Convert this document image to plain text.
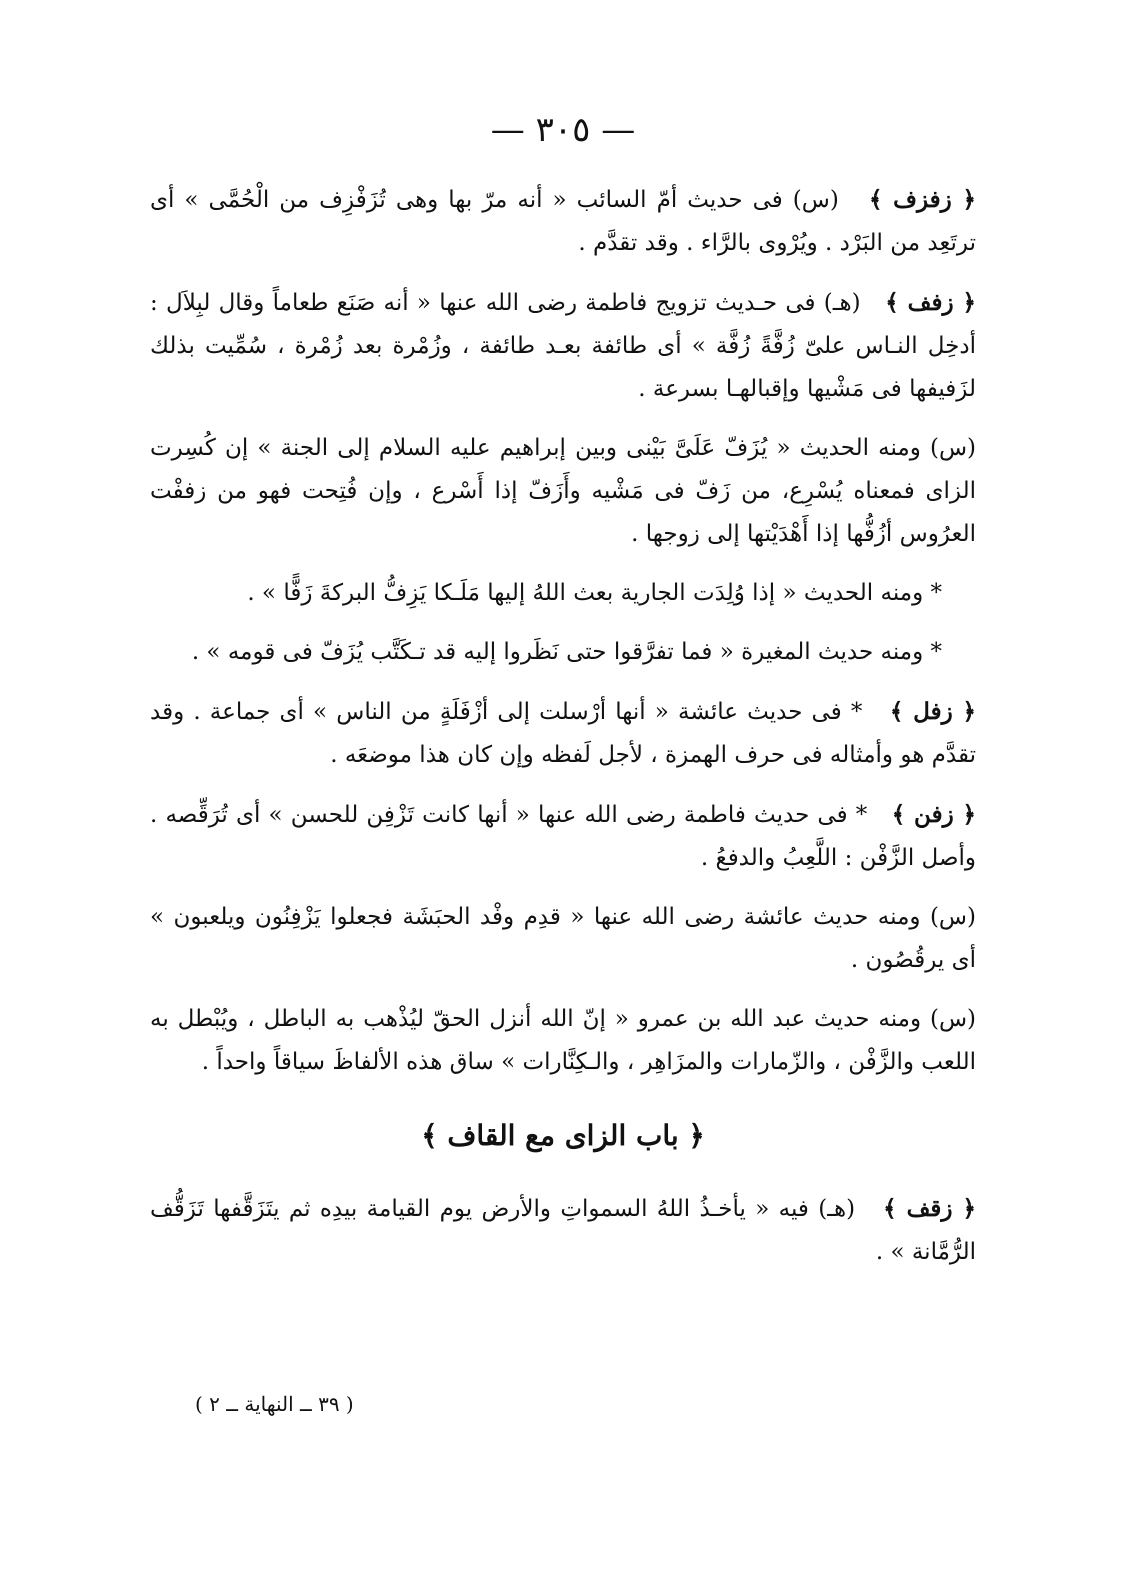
— ٣٠٥ —

﴿ زفزف ﴾   (س) فى حديث أمّ السائب « أنه مرّ بها وهى تُزَفْزِف من الْحُمَّى » أى ترتَعِد من البَرْد . ويُرْوى بالرَّاء . وقد تقدَّم .

﴿ زفف ﴾   (هـ) فى حـديث تزويج فاطمة رضى الله عنها « أنه صَنَع طعاماً وقال لبِلاَل : أدخِل النـاس علىّ زُفَّةً زُفَّة » أى طائفة بعـد طائفة ، وزُمْرة بعد زُمْرة ، سُمِّيت بذلك لزَفيفها فى مَشْيها وإقبالهـا بسرعة .

(س) ومنه الحديث « يُزَفّ عَلَىَّ بَيْنى وبين إبراهيم عليه السلام إلى الجنة » إن كُسِرت الزاى فمعناه يُسْرِع، من زَفّ فى مَشْيه وأَزَفّ إذا أَسْرع ، وإن فُتِحت فهو من زففْت العرُوس أزُفُّها إذا أَهْدَيْتها إلى زوجها .

* ومنه الحديث « إذا وُلِدَت الجارية بعث اللهُ إليها مَلَـكا يَزِفُّ البركةَ زَفًّا » .

* ومنه حديث المغيرة « فما تفرَّقوا حتى نَظَروا إليه قد تـكَتَّب يُزَفّ فى قومه » .

﴿ زفل ﴾   * فى حديث عائشة « أنها أرْسلت إلى أزْفَلَةٍ من الناس » أى جماعة . وقد تقدَّم هو وأمثاله فى حرف الهمزة ، لأجل لَفظه وإن كان هذا موضعَه .

﴿ زفن ﴾   * فى حديث فاطمة رضى الله عنها « أنها كانت تَزْفِن للحسن » أى تُرَقِّصه . وأصل الزَّفْن : اللَّعِبُ والدفعُ .

(س) ومنه حديث عائشة رضى الله عنها « قدِم وفْد الحبَشَة فجعلوا يَزْفِنُون ويلعبون » أى يرقُصُون .

(س) ومنه حديث عبد الله بن عمرو « إنّ الله أنزل الحقّ ليُذْهب به الباطل ، ويُبْطل به اللعب والزَّفْن ، والزّمارات والمزَاهِر ، والـكِنَّارات » ساق هذه الألفاظَ سياقاً واحداً .

﴿ باب الزاى مع القاف ﴾

﴿ زقف ﴾   (هـ) فيه « يأخـذُ اللهُ السمواتِ والأرض يوم القيامة بيدِه ثم يتَزَقَّفها تَزَقُّف الرُّمَّانة » .

( ٣٩ ــ النهاية ــ ٢ )
